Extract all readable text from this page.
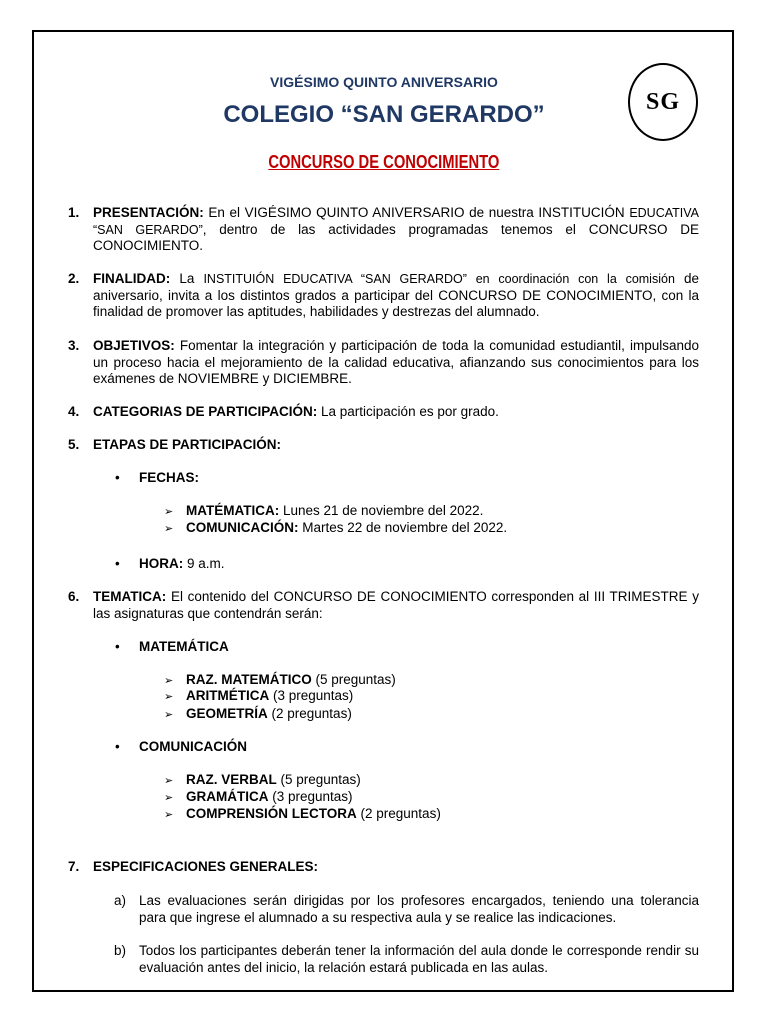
SG
VIGÉSIMO QUINTO ANIVERSARIO
COLEGIO “SAN GERARDO”
CONCURSO DE CONOCIMIENTO
1. PRESENTACIÓN: En el VIGÉSIMO QUINTO ANIVERSARIO de nuestra INSTITUCIÓN EDUCATIVA “SAN GERARDO”, dentro de las actividades programadas tenemos el CONCURSO DE CONOCIMIENTO.
2. FINALIDAD: La INSTITUIÓN EDUCATIVA “SAN GERARDO” en coordinación con la comisión de aniversario, invita a los distintos grados a participar del CONCURSO DE CONOCIMIENTO, con la finalidad de promover las aptitudes, habilidades y destrezas del alumnado.
3. OBJETIVOS: Fomentar la integración y participación de toda la comunidad estudiantil, impulsando un proceso hacia el mejoramiento de la calidad educativa, afianzando sus conocimientos para los exámenes de NOVIEMBRE y DICIEMBRE.
4. CATEGORIAS DE PARTICIPACIÓN: La participación es por grado.
5. ETAPAS DE PARTICIPACIÓN:
• FECHAS:
➢ MATÉMATICA: Lunes 21 de noviembre del 2022.
➢ COMUNICACIÓN: Martes 22 de noviembre del 2022.
• HORA: 9 a.m.
6. TEMATICA: El contenido del CONCURSO DE CONOCIMIENTO corresponden al III TRIMESTRE y las asignaturas que contendrán serán:
• MATEMÁTICA
➢ RAZ. MATEMÁTICO (5 preguntas)
➢ ARITMÉTICA (3 preguntas)
➢ GEOMETRÍA (2 preguntas)
• COMUNICACIÓN
➢ RAZ. VERBAL (5 preguntas)
➢ GRAMÁTICA (3 preguntas)
➢ COMPRENSIÓN LECTORA (2 preguntas)
7. ESPECIFICACIONES GENERALES:
a) Las evaluaciones serán dirigidas por los profesores encargados, teniendo una tolerancia para que ingrese el alumnado a su respectiva aula y se realice las indicaciones.
b) Todos los participantes deberán tener la información del aula donde le corresponde rendir su evaluación antes del inicio, la relación estará publicada en las aulas.
